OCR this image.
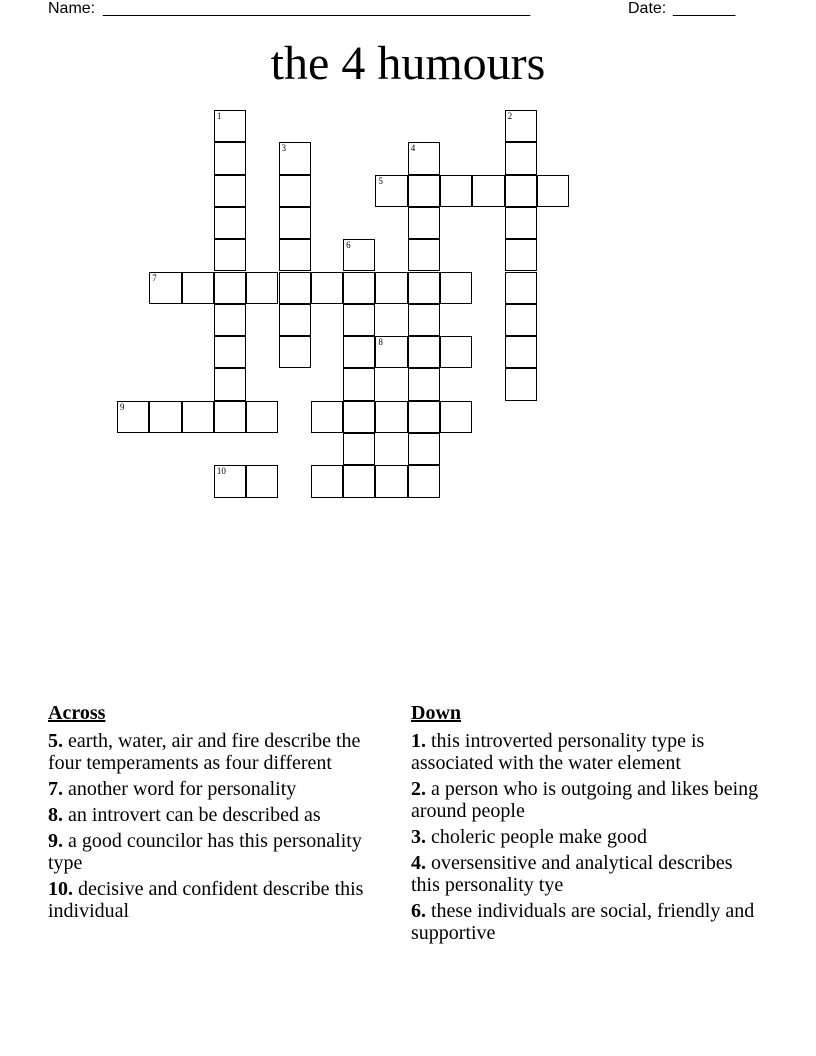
Name: ________________________________________________	Date: _______
the 4 humours
1
10
3
6
4
2
5
7
8
9
Across
5. earth, water, air and fire describe the four temperaments as four different
7. another word for personality
8. an introvert can be described as
9. a good councilor has this personality type
10. decisive and confident describe this individual
Down
1. this introverted personality type is associated with the water element
2. a person who is outgoing and likes being around people
3. choleric people make good
4. oversensitive and analytical describes this personality tye
6. these individuals are social, friendly and supportive
